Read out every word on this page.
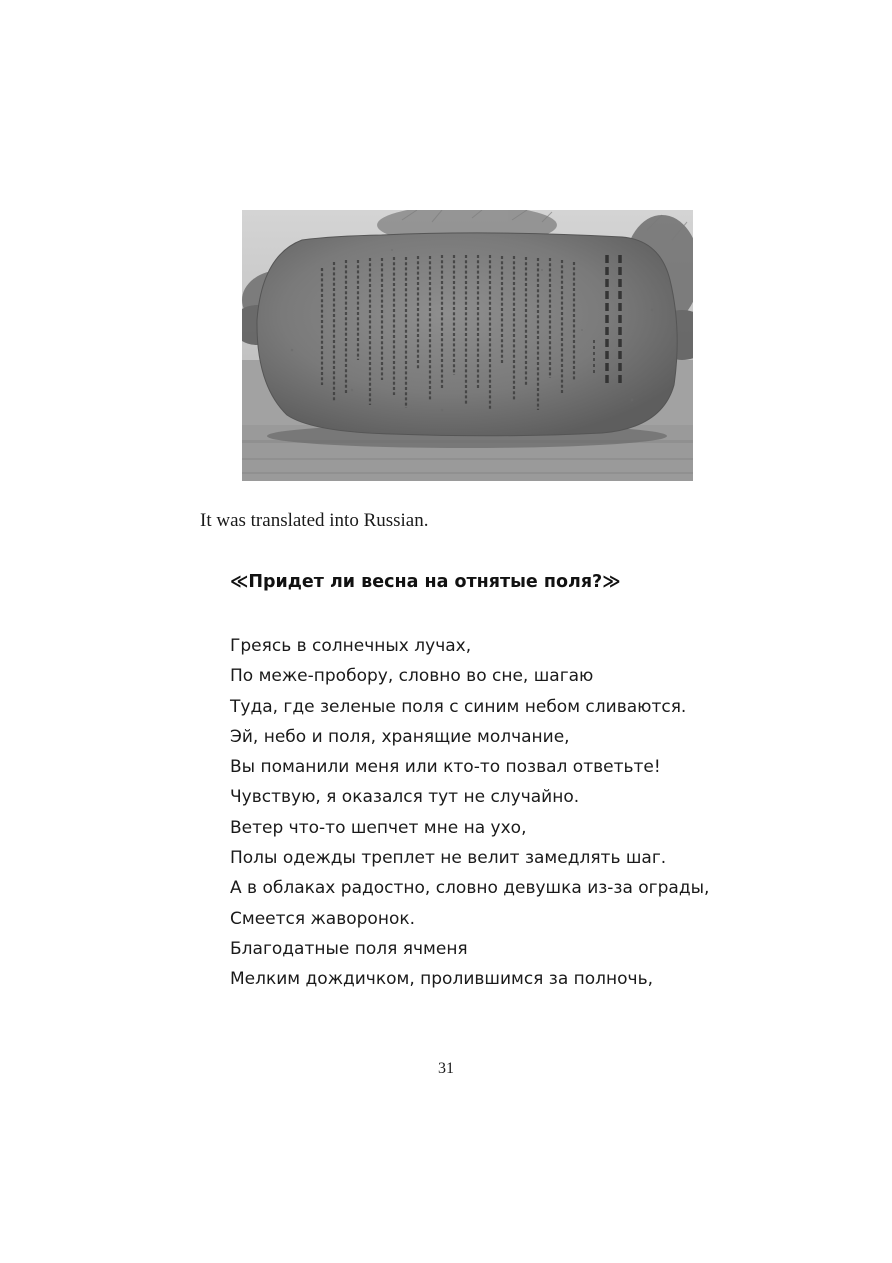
It was translated into Russian.
≪Придет ли весна на отнятые поля?≫
Греясь в солнечных лучах,
По меже-пробору, словно во сне, шагаю
Туда, где зеленые поля с синим небом сливаются.
Эй, небо и поля, хранящие молчание,
Вы поманили меня или кто-то позвал ответьте!
Чувствую, я оказался тут не случайно.
Ветер что-то шепчет мне на ухо,
Полы одежды треплет не велит замедлять шаг.
А в облаках радостно, словно девушка из-за ограды,
Смеется жаворонок.
Благодатные поля ячменя
Мелким дождичком, пролившимся за полночь,
31
